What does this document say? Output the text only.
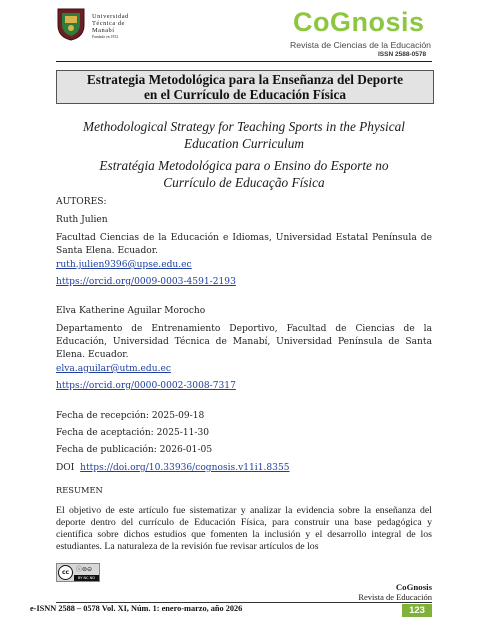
Universidad
Técnica de
Manabí
Fundada en 1952	CoGnosis
Revista de Ciencias de la Educación
ISSN 2588-0578
Estrategia Metodológica para la Enseñanza del Deporte
en el Currículo de Educación Física
Methodological Strategy for Teaching Sports in the Physical
Education Curriculum
Estratégia Metodológica para o Ensino do Esporte no
Currículo de Educação Física
AUTORES:
Ruth Julien
Facultad Ciencias de la Educación e Idiomas, Universidad Estatal Península de Santa Elena. Ecuador.
ruth.julien9396@upse.edu.ec
https://orcid.org/0009-0003-4591-2193
Elva Katherine Aguilar Morocho
Departamento de Entrenamiento Deportivo, Facultad de Ciencias de la Educación, Universidad Técnica de Manabí, Universidad Península de Santa Elena. Ecuador.
elva.aguilar@utm.edu.ec
https://orcid.org/0000-0002-3008-7317
Fecha de recepción: 2025-09-18
Fecha de aceptación: 2025-11-30
Fecha de publicación: 2026-01-05
DOI https://doi.org/10.33936/cognosis.v11i1.8355
RESUMEN
El objetivo de este artículo fue sistematizar y analizar la evidencia sobre la enseñanza del deporte dentro del currículo de Educación Física, para construir una base pedagógica y científica sobre dichos estudios que fomenten la inclusión y el desarrollo integral de los estudiantes. La naturaleza de la revisión fue revisar artículos de los
cc	ⓘ⊜⊝
BY NC ND
CoGnosis
Revista de Educación
e-ISNN 2588 – 0578 Vol. XI, Núm. 1: enero-marzo, año 2026	123
